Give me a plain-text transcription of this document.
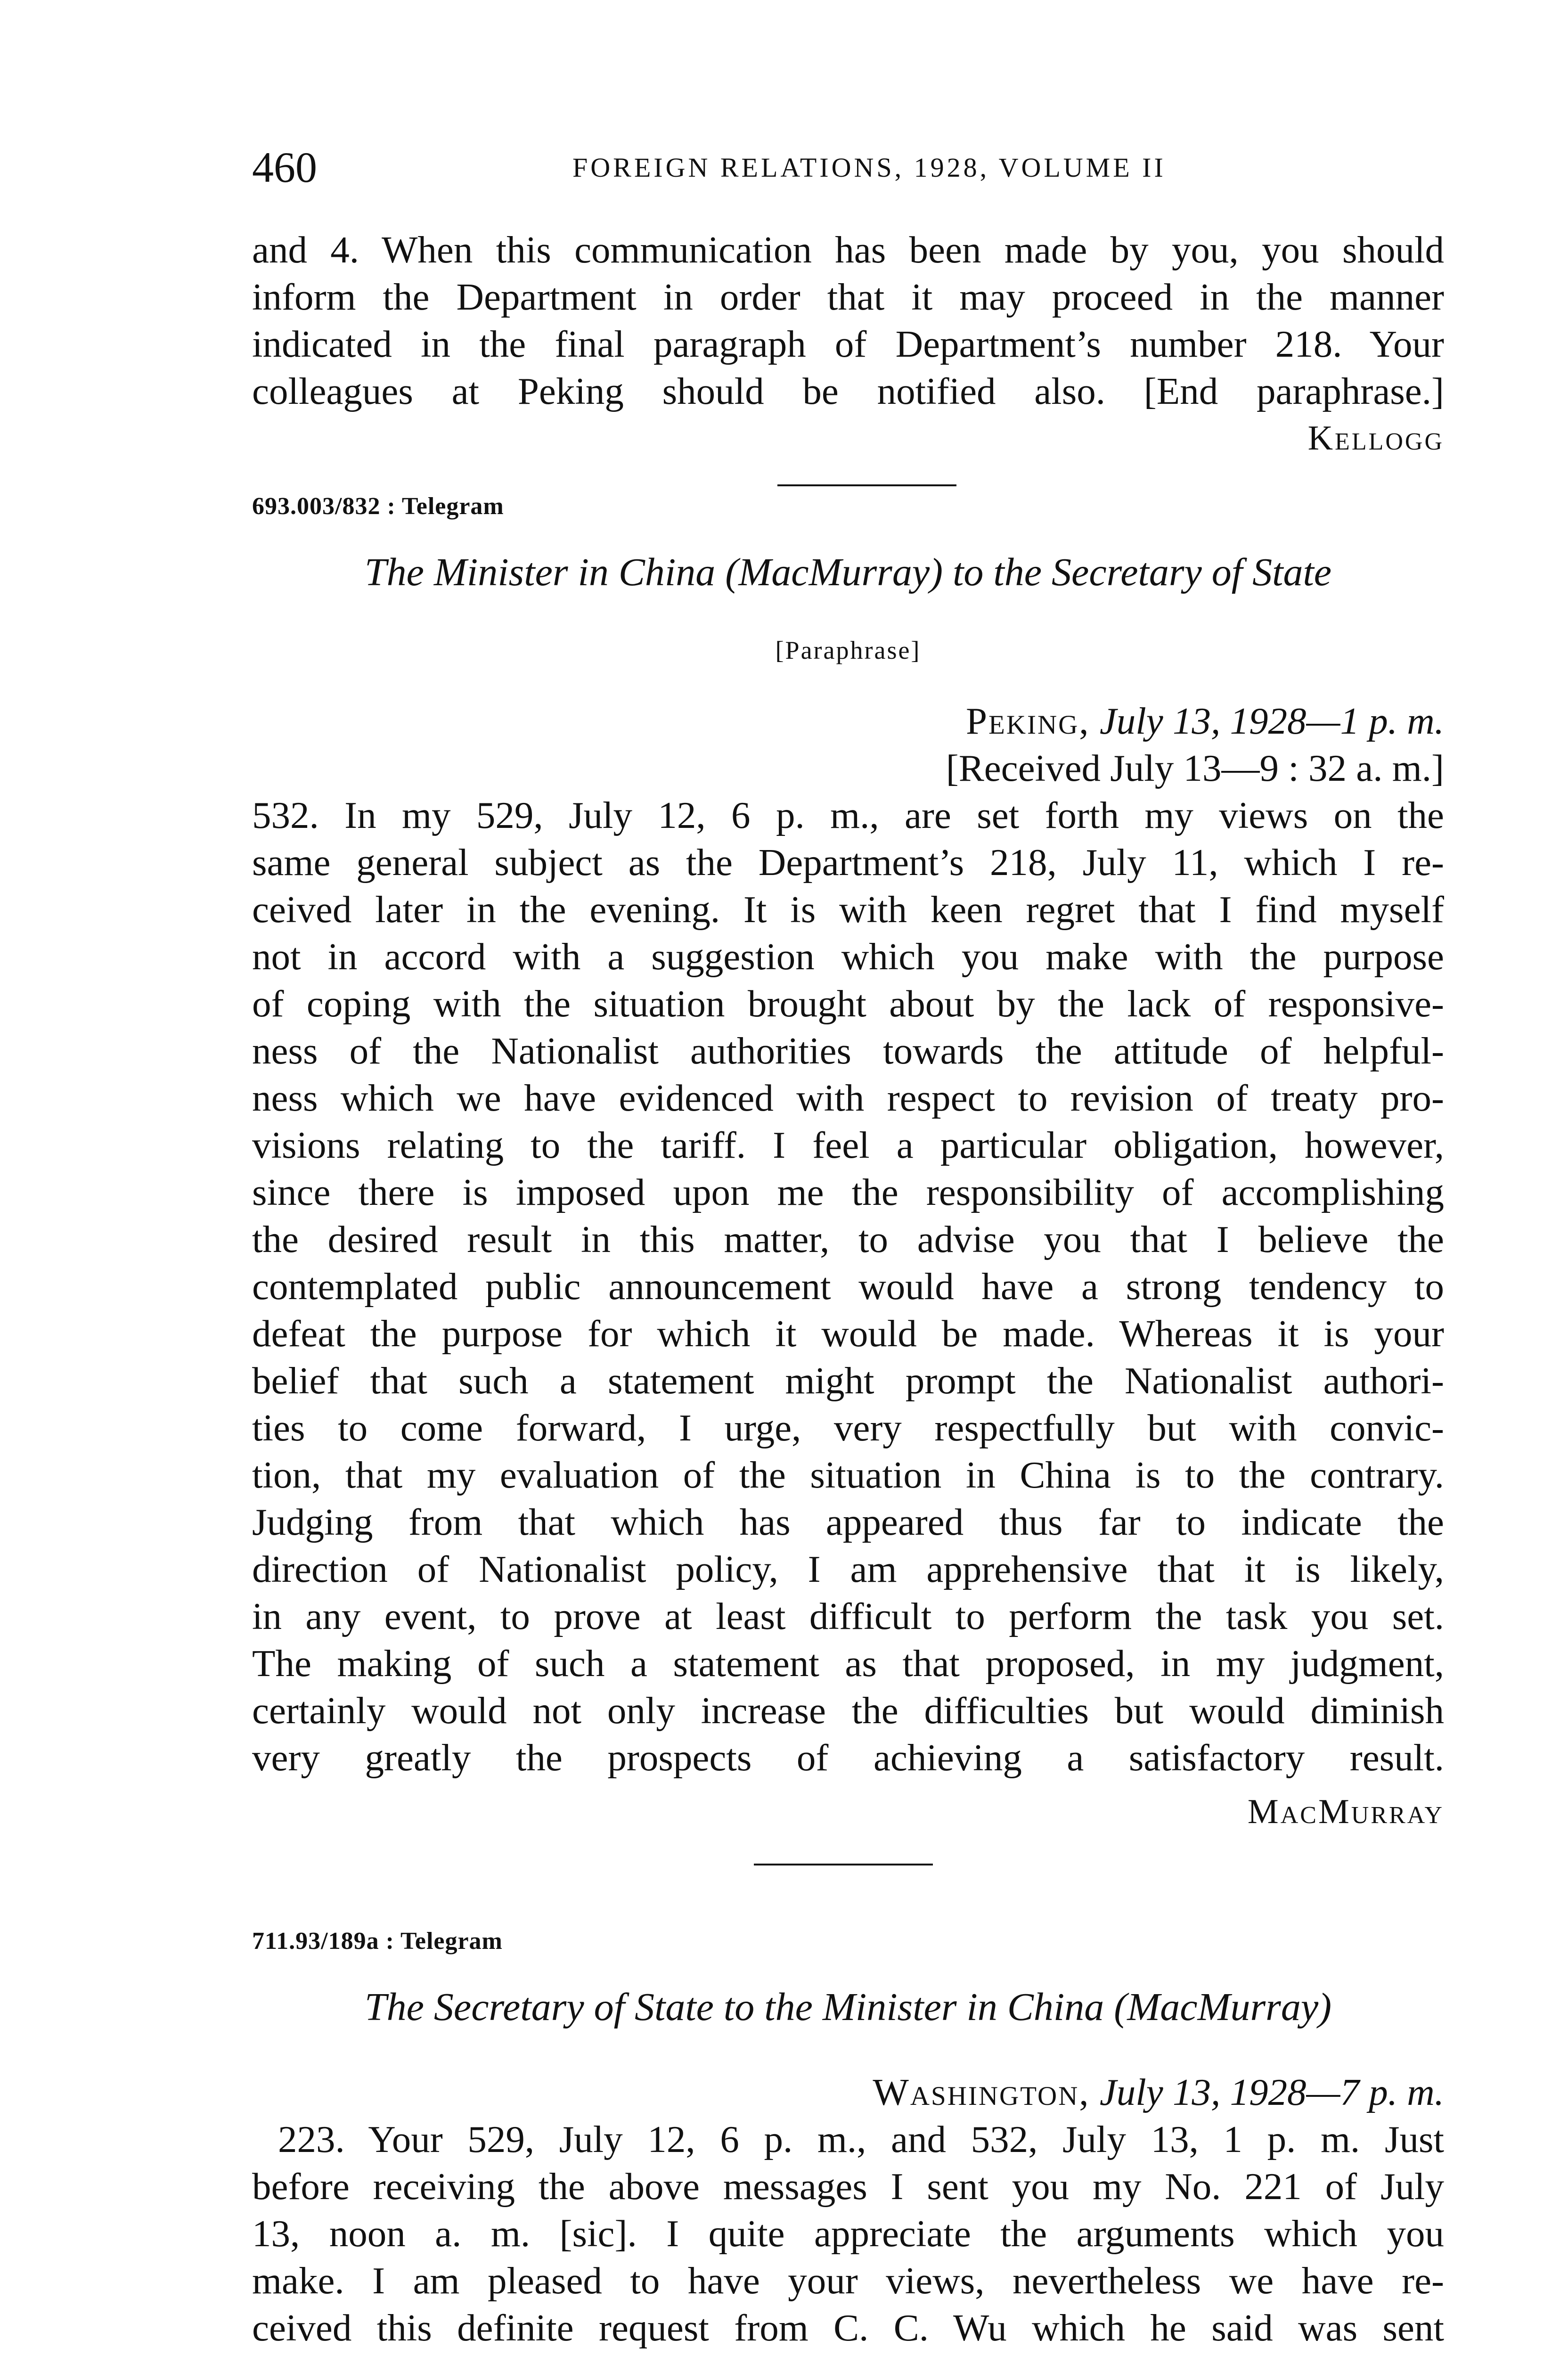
460	FOREIGN RELATIONS, 1928, VOLUME II
and 4. When this communication has been made by you, you should
inform the Department in order that it may proceed in the manner
indicated in the final paragraph of Department’s number 218. Your
colleagues at Peking should be notified also. [End paraphrase.]
Kellogg
693.003/832 : Telegram
The Minister in China (MacMurray) to the Secretary of State
[Paraphrase]
Peking, July 13, 1928—1 p. m.
[Received July 13—9 : 32 a. m.]
532. In my 529, July 12, 6 p. m., are set forth my views on the
same general subject as the Department’s 218, July 11, which I re-
ceived later in the evening. It is with keen regret that I find myself
not in accord with a suggestion which you make with the purpose
of coping with the situation brought about by the lack of responsive-
ness of the Nationalist authorities towards the attitude of helpful-
ness which we have evidenced with respect to revision of treaty pro-
visions relating to the tariff. I feel a particular obligation, however,
since there is imposed upon me the responsibility of accomplishing
the desired result in this matter, to advise you that I believe the
contemplated public announcement would have a strong tendency to
defeat the purpose for which it would be made. Whereas it is your
belief that such a statement might prompt the Nationalist authori-
ties to come forward, I urge, very respectfully but with convic-
tion, that my evaluation of the situation in China is to the contrary.
Judging from that which has appeared thus far to indicate the
direction of Nationalist policy, I am apprehensive that it is likely,
in any event, to prove at least difficult to perform the task you set.
The making of such a statement as that proposed, in my judgment,
certainly would not only increase the difficulties but would diminish
very greatly the prospects of achieving a satisfactory result.
MacMurray
711.93/189a : Telegram
The Secretary of State to the Minister in China (MacMurray)
Washington, July 13, 1928—7 p. m.
223. Your 529, July 12, 6 p. m., and 532, July 13, 1 p. m. Just
before receiving the above messages I sent you my No. 221 of July
13, noon a. m. [sic]. I quite appreciate the arguments which you
make. I am pleased to have your views, nevertheless we have re-
ceived this definite request from C. C. Wu which he said was sent
